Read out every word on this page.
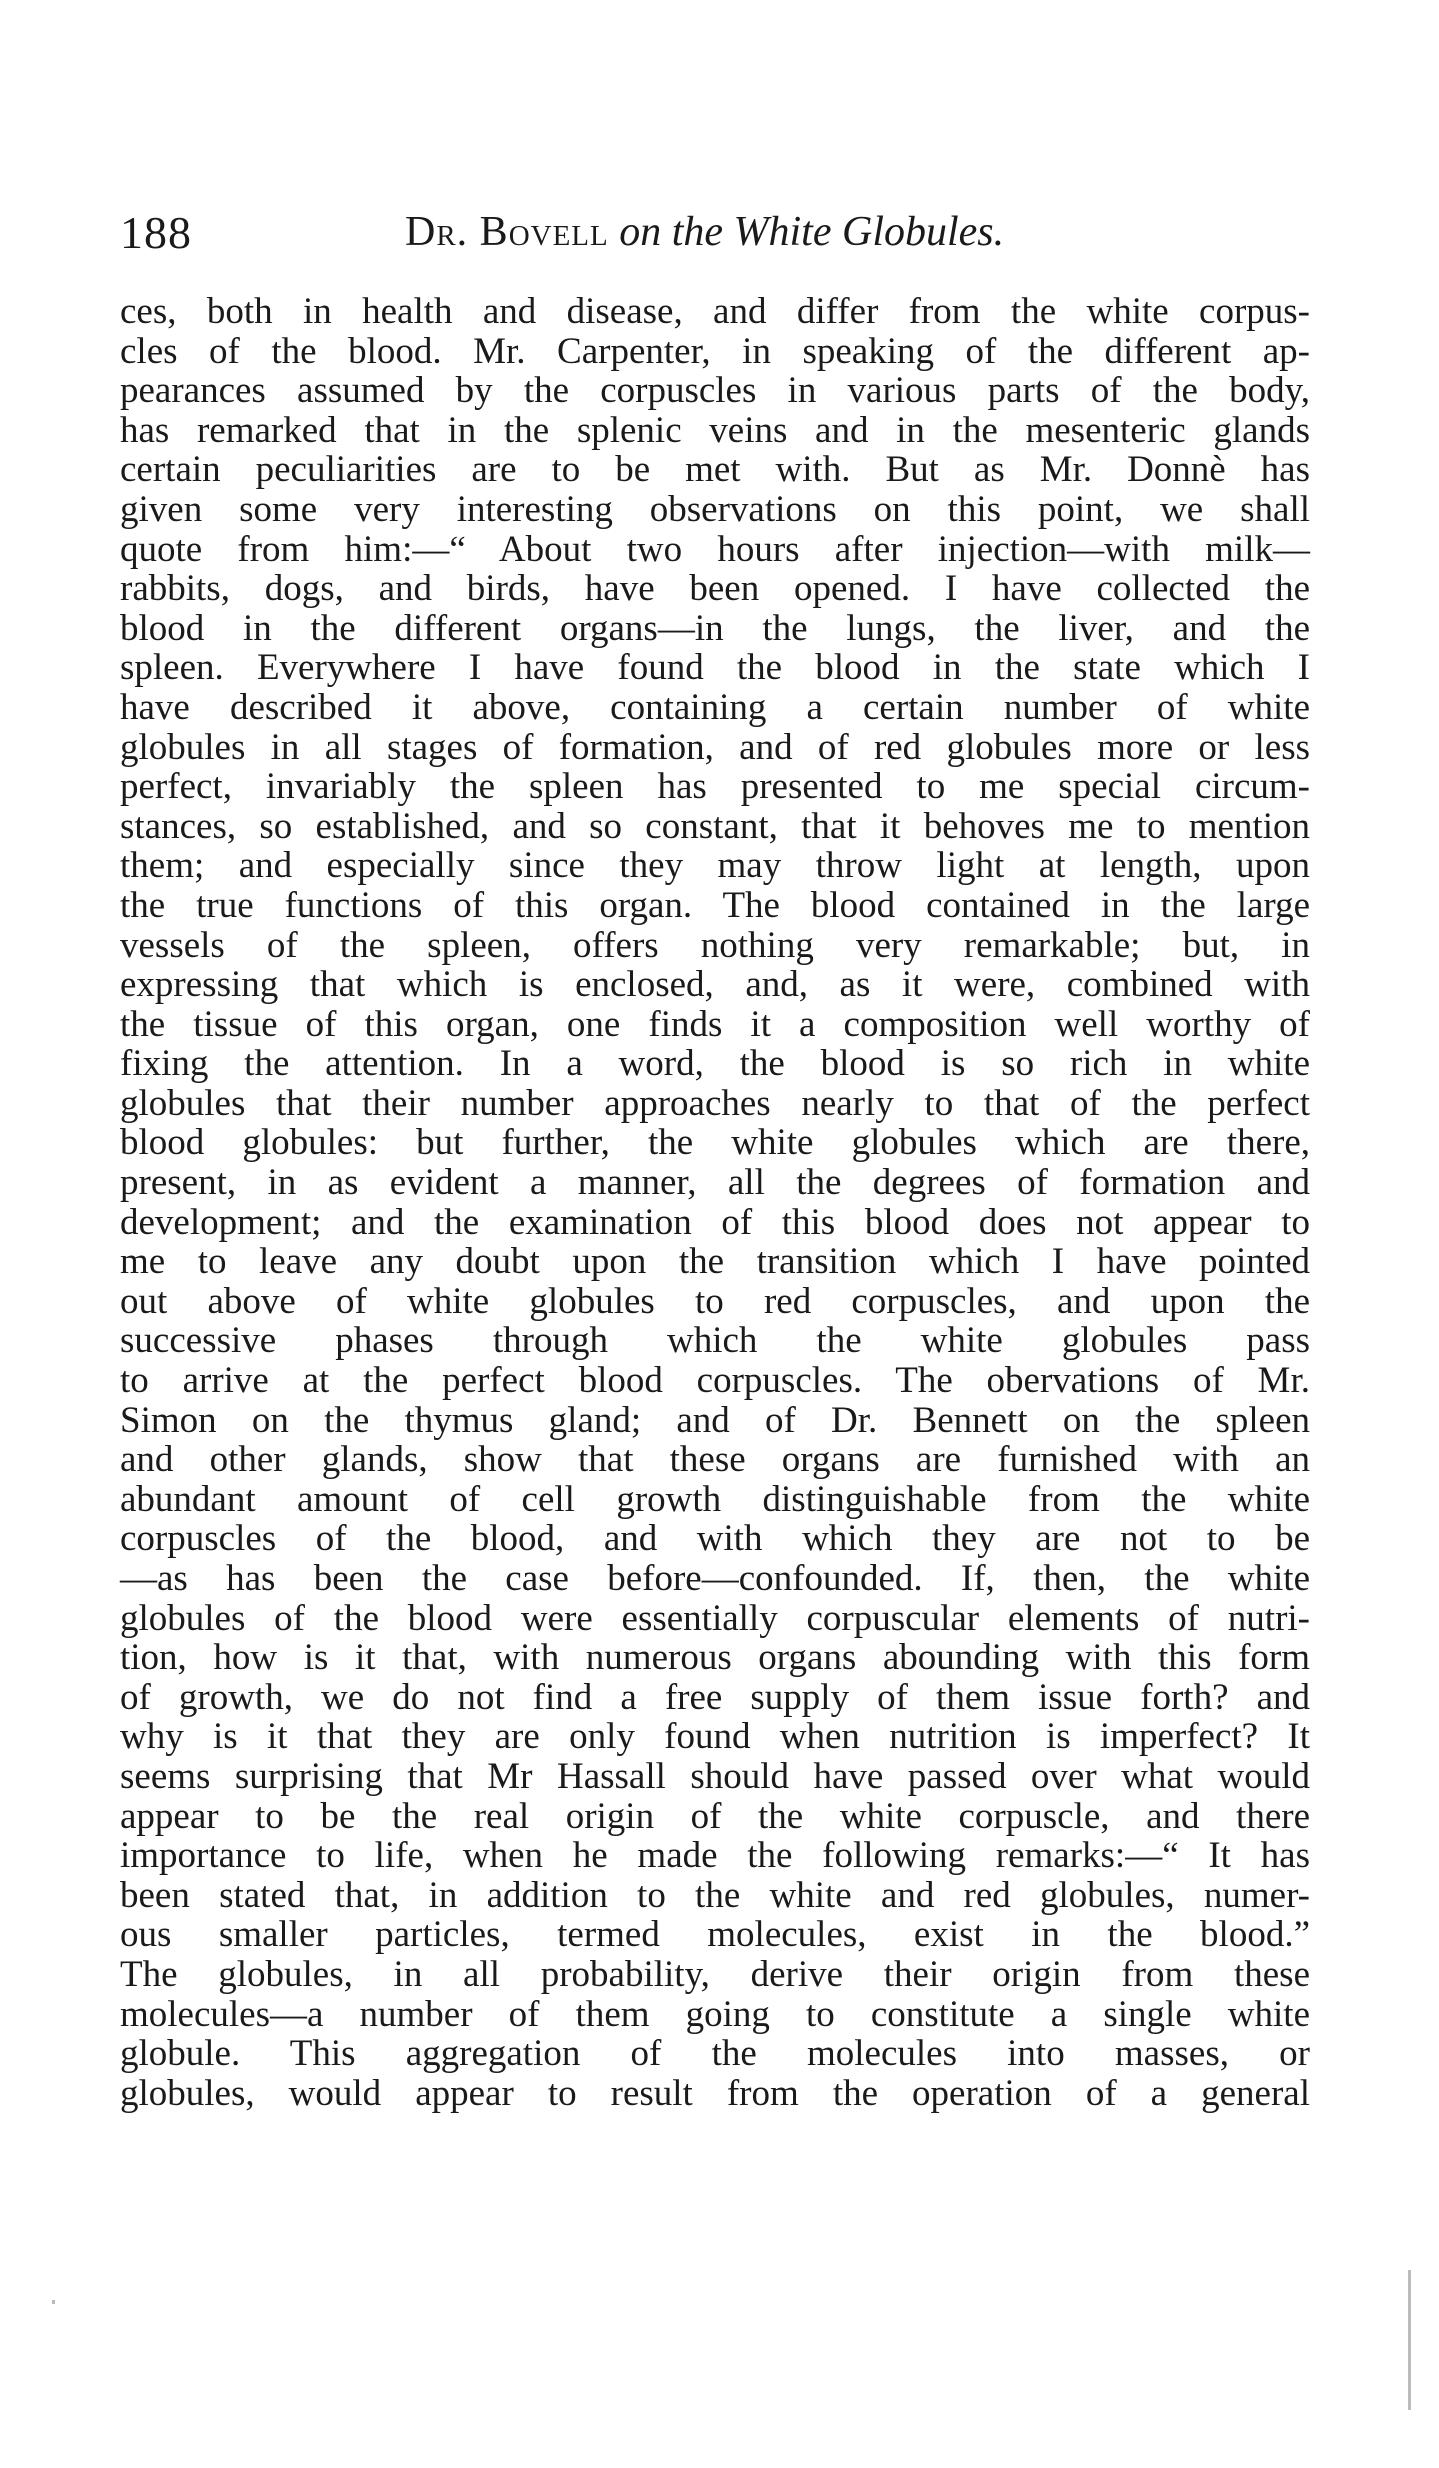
188	Dr. Bovell on the White Globules.
ces, both in health and disease, and differ from the white corpus-
cles of the blood. Mr. Carpenter, in speaking of the different ap-
pearances assumed by the corpuscles in various parts of the body,
has remarked that in the splenic veins and in the mesenteric glands
certain peculiarities are to be met with. But as Mr. Donnè has
given some very interesting observations on this point, we shall
quote from him:—“ About two hours after injection—with milk—
rabbits, dogs, and birds, have been opened. I have collected the
blood in the different organs—in the lungs, the liver, and the
spleen. Everywhere I have found the blood in the state which I
have described it above, containing a certain number of white
globules in all stages of formation, and of red globules more or less
perfect, invariably the spleen has presented to me special circum-
stances, so established, and so constant, that it behoves me to mention
them; and especially since they may throw light at length, upon
the true functions of this organ. The blood contained in the large
vessels of the spleen, offers nothing very remarkable; but, in
expressing that which is enclosed, and, as it were, combined with
the tissue of this organ, one finds it a composition well worthy of
fixing the attention. In a word, the blood is so rich in white
globules that their number approaches nearly to that of the perfect
blood globules: but further, the white globules which are there,
present, in as evident a manner, all the degrees of formation and
development; and the examination of this blood does not appear to
me to leave any doubt upon the transition which I have pointed
out above of white globules to red corpuscles, and upon the
successive phases through which the white globules pass
to arrive at the perfect blood corpuscles. The obervations of Mr.
Simon on the thymus gland; and of Dr. Bennett on the spleen
and other glands, show that these organs are furnished with an
abundant amount of cell growth distinguishable from the white
corpuscles of the blood, and with which they are not to be
—as has been the case before—confounded. If, then, the white
globules of the blood were essentially corpuscular elements of nutri-
tion, how is it that, with numerous organs abounding with this form
of growth, we do not find a free supply of them issue forth? and
why is it that they are only found when nutrition is imperfect? It
seems surprising that Mr Hassall should have passed over what would
appear to be the real origin of the white corpuscle, and there
importance to life, when he made the following remarks:—“ It has
been stated that, in addition to the white and red globules, numer-
ous smaller particles, termed molecules, exist in the blood.”
The globules, in all probability, derive their origin from these
molecules—a number of them going to constitute a single white
globule. This aggregation of the molecules into masses, or
globules, would appear to result from the operation of a general
